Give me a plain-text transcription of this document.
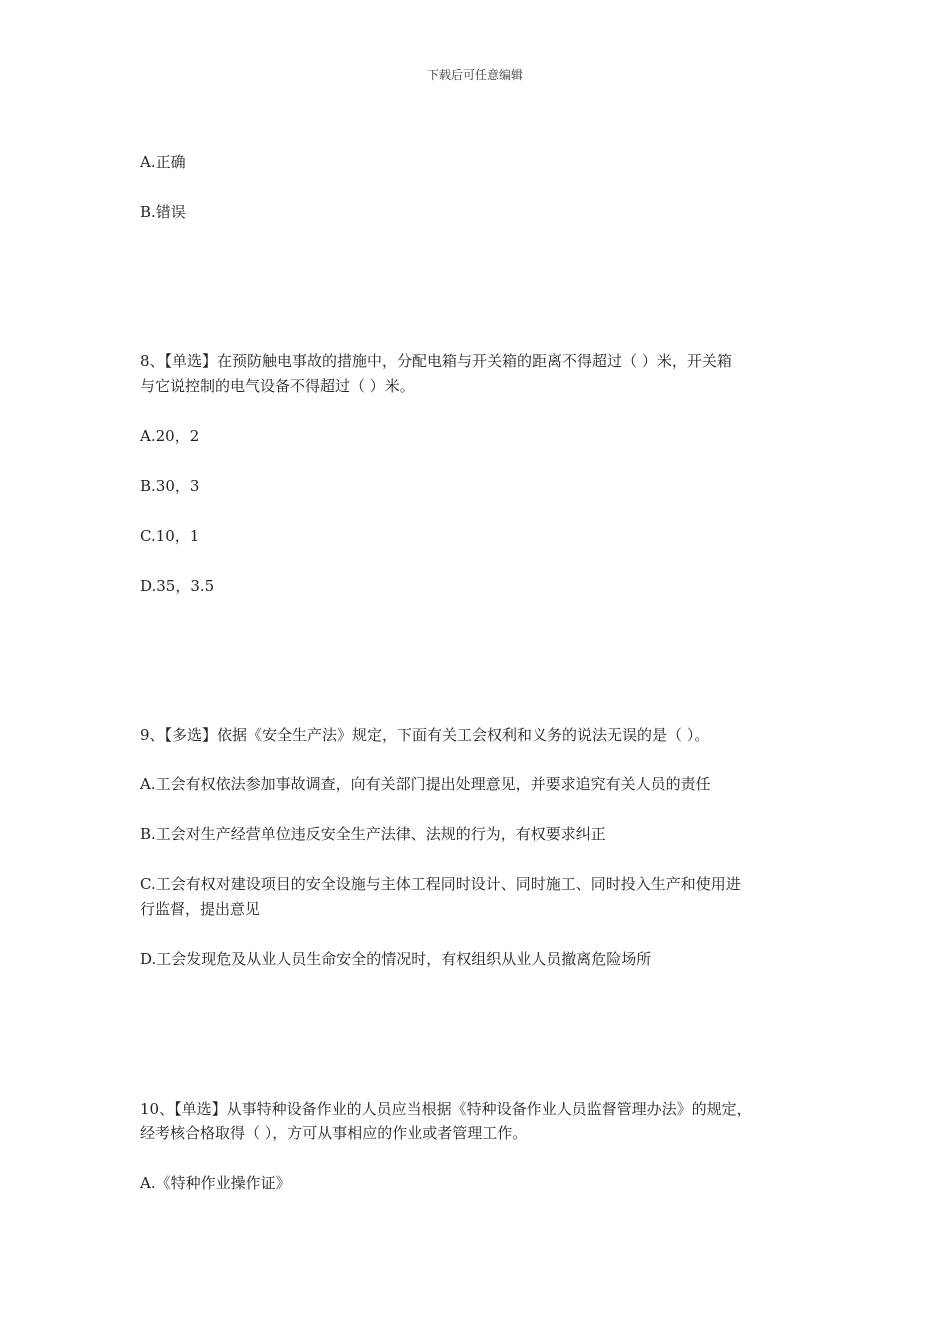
下载后可任意编辑
A.正确
B.错误
8、【单选】在预防触电事故的措施中，分配电箱与开关箱的距离不得超过（ ）米，开关箱
与它说控制的电气设备不得超过（ ）米。
A.20，2
B.30，3
C.10，1
D.35，3.5
9、【多选】依据《安全生产法》规定，下面有关工会权利和义务的说法无误的是（ ）。
A.工会有权依法参加事故调查，向有关部门提出处理意见，并要求追究有关人员的责任
B.工会对生产经营单位违反安全生产法律、法规的行为，有权要求纠正
C.工会有权对建设项目的安全设施与主体工程同时设计、同时施工、同时投入生产和使用进
行监督，提出意见
D.工会发现危及从业人员生命安全的情况时，有权组织从业人员撤离危险场所
10、【单选】从事特种设备作业的人员应当根据《特种设备作业人员监督管理办法》的规定，
经考核合格取得（ ），方可从事相应的作业或者管理工作。
A.《特种作业操作证》
